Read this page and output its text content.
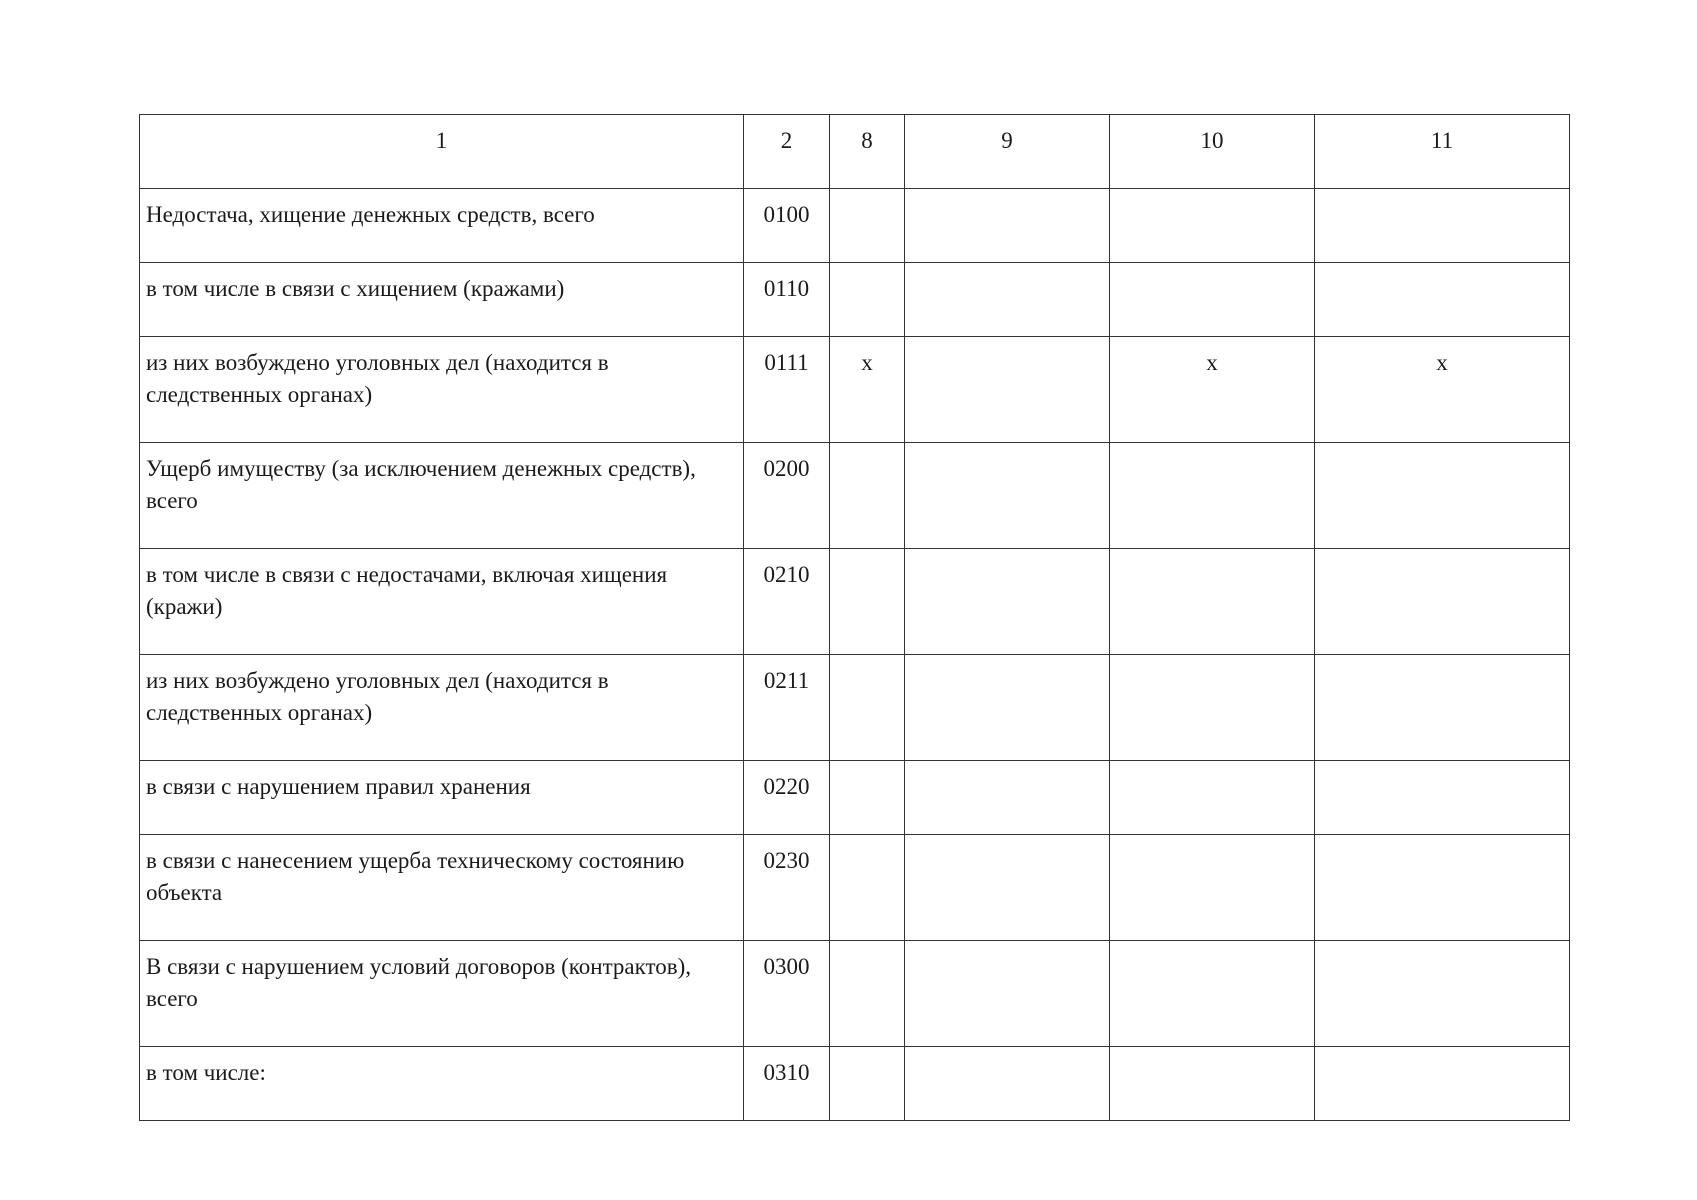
1	2	8	9	10	11
Недостача, хищение денежных средств, всего	0100				
в том числе в связи с хищением (кражами)	0110				
из них возбуждено уголовных дел (находится в следственных органах)	0111	х		х	х
Ущерб имуществу (за исключением денежных средств), всего	0200				
в том числе в связи с недостачами, включая хищения (кражи)	0210				
из них возбуждено уголовных дел (находится в следственных органах)	0211				
в связи с нарушением правил хранения	0220				
в связи с нанесением ущерба техническому состоянию объекта	0230				
В связи с нарушением условий договоров (контрактов), всего	0300				
в том числе:	0310				
